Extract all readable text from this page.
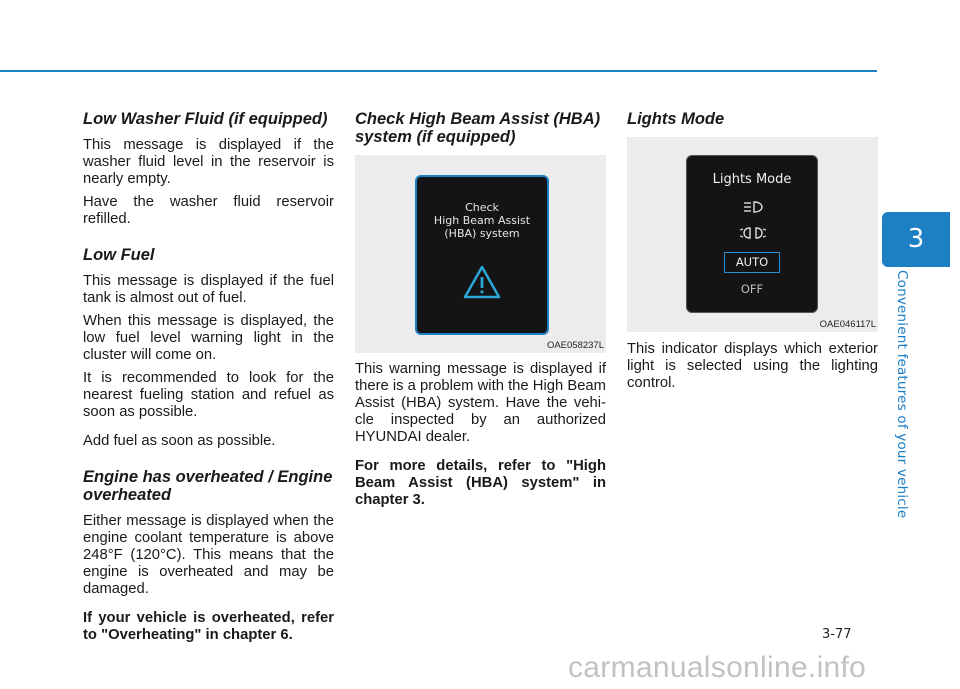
3
Convenient features of your vehicle
Low Washer Fluid (if equipped)

This message is displayed if the washer fluid level in the reservoir is nearly empty.

Have the washer fluid reservoir refilled.

Low Fuel

This message is displayed if the fuel tank is almost out of fuel.

When this message is displayed, the low fuel level warning light in the cluster will come on.

It is recommended to look for the nearest fueling station and refuel as soon as possible.

Add fuel as soon as possible.

Engine has overheated / Engine overheated

Either message is displayed when the engine coolant temperature is above 248°F (120°C). This means that the engine is overheated and may be damaged.

If your vehicle is overheated, refer to "Overheating" in chapter 6.

Check High Beam Assist (HBA) system (if equipped)
Check
High Beam Assist
(HBA) system
OAE058237L

This warning message is displayed if there is a problem with the High Beam Assist (HBA) system. Have the vehi-cle inspected by an authorized HYUNDAI dealer.

For more details, refer to "High Beam Assist (HBA) system" in chapter 3.

Lights Mode
Lights Mode
AUTO
OFF
OAE046117L

This indicator displays which exterior light is selected using the lighting control.

3-77
carmanualsonline.info
